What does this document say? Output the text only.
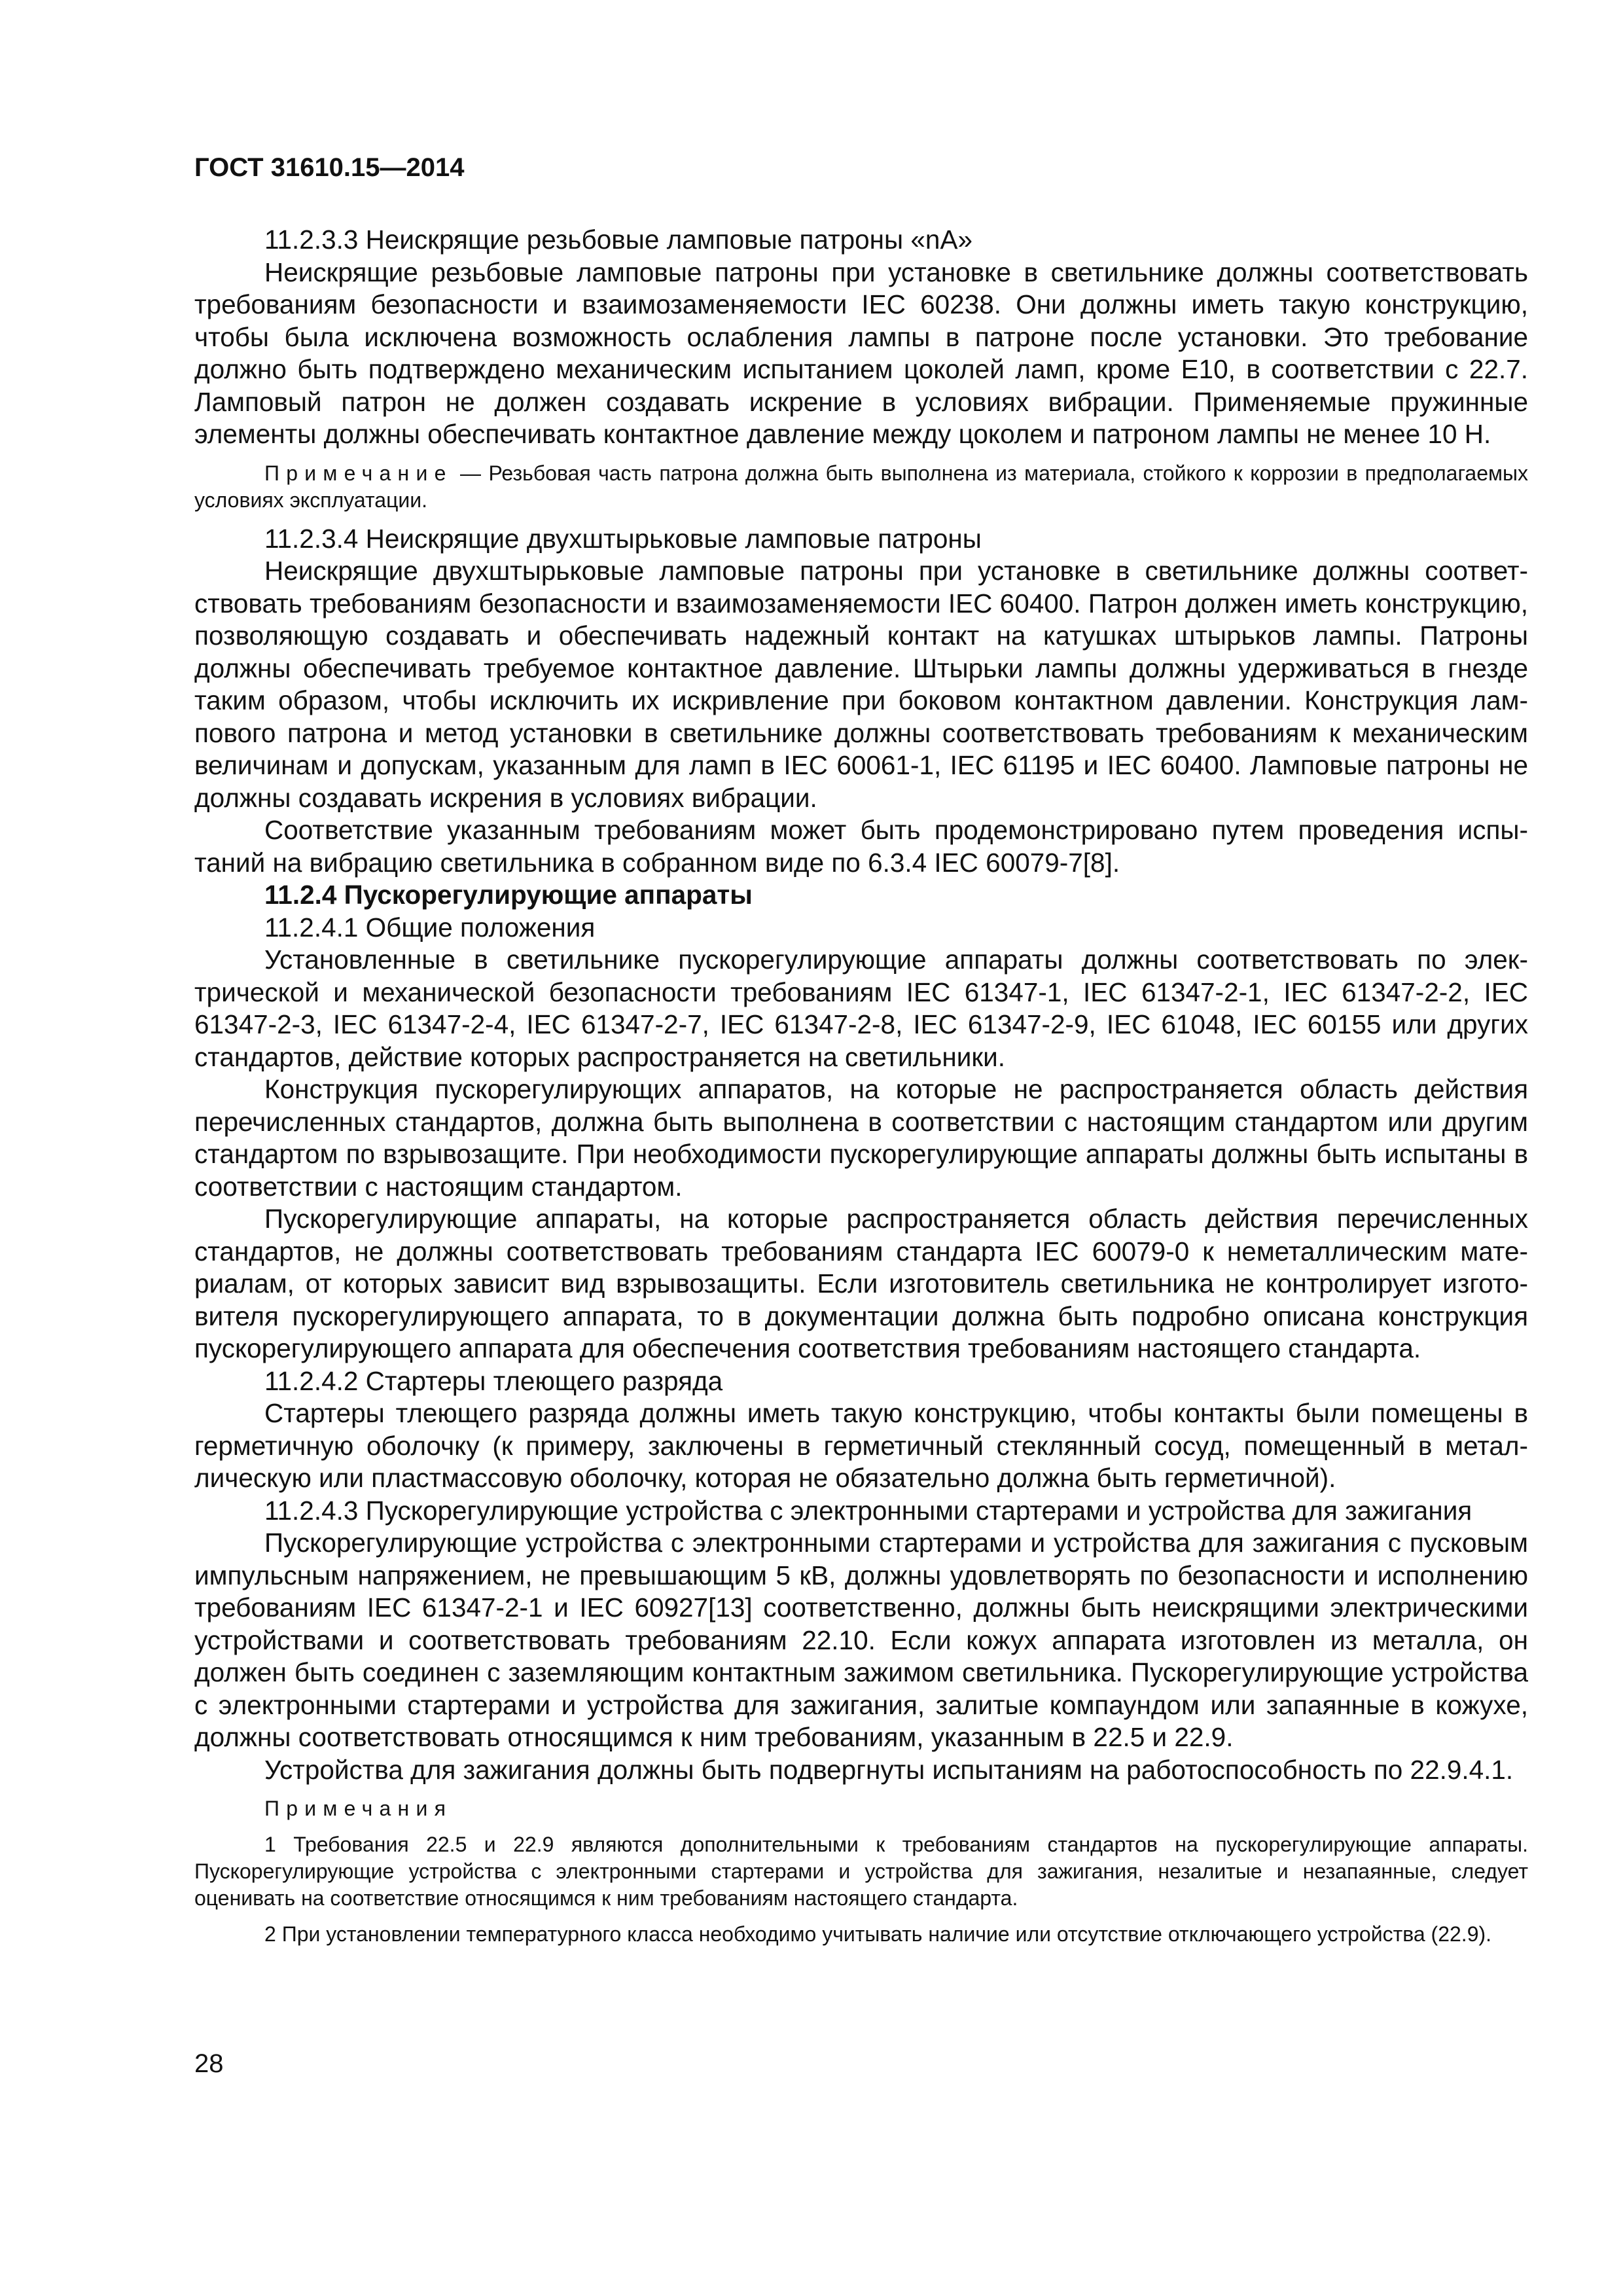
ГОСТ 31610.15—2014
11.2.3.3 Неискрящие резьбовые ламповые патроны «nA»
Неискрящие резьбовые ламповые патроны при установке в светильнике должны соответствовать требованиям безопасности и взаимозаменяемости IEC 60238. Они должны иметь такую конструкцию, чтобы была исключена возможность ослабления лампы в патроне после установки. Это требование должно быть подтверждено механическим испытанием цоколей ламп, кроме Е10, в соответствии с 22.7. Ламповый патрон не должен создавать искрение в условиях вибрации. Применяемые пружинные элементы должны обеспечивать контактное давление между цоколем и патроном лампы не менее 10 Н.
Примечание — Резьбовая часть патрона должна быть выполнена из материала, стойкого к коррозии в предполагаемых условиях эксплуатации.
11.2.3.4 Неискрящие двухштырьковые ламповые патроны
Неискрящие двухштырьковые ламповые патроны при установке в светильнике должны соответствовать требованиям безопасности и взаимозаменяемости IEC 60400. Патрон должен иметь конструкцию, позволяющую создавать и обеспечивать надежный контакт на катушках штырьков лампы. Патроны должны обеспечивать требуемое контактное давление. Штырьки лампы должны удерживаться в гнезде таким образом, чтобы исключить их искривление при боковом контактном давлении. Конструкция лампового патрона и метод установки в светильнике должны соответствовать требованиям к механическим величинам и допускам, указанным для ламп в IEC 60061-1, IEC 61195 и IEC 60400. Ламповые патроны не должны создавать искрения в условиях вибрации.
Соответствие указанным требованиям может быть продемонстрировано путем проведения испытаний на вибрацию светильника в собранном виде по 6.3.4 IEC 60079-7[8].
11.2.4 Пускорегулирующие аппараты
11.2.4.1 Общие положения
Установленные в светильнике пускорегулирующие аппараты должны соответствовать по электрической и механической безопасности требованиям IEC 61347-1, IEC 61347-2-1, IEC 61347-2-2, IEC 61347-2-3, IEC 61347-2-4, IEC 61347-2-7, IEC 61347-2-8, IEC 61347-2-9, IEC 61048, IEC 60155 или других стандартов, действие которых распространяется на светильники.
Конструкция пускорегулирующих аппаратов, на которые не распространяется область действия перечисленных стандартов, должна быть выполнена в соответствии с настоящим стандартом или другим стандартом по взрывозащите. При необходимости пускорегулирующие аппараты должны быть испытаны в соответствии с настоящим стандартом.
Пускорегулирующие аппараты, на которые распространяется область действия перечисленных стандартов, не должны соответствовать требованиям стандарта IEC 60079-0 к неметаллическим материалам, от которых зависит вид взрывозащиты. Если изготовитель светильника не контролирует изготовителя пускорегулирующего аппарата, то в документации должна быть подробно описана конструкция пускорегулирующего аппарата для обеспечения соответствия требованиям настоящего стандарта.
11.2.4.2 Стартеры тлеющего разряда
Стартеры тлеющего разряда должны иметь такую конструкцию, чтобы контакты были помещены в герметичную оболочку (к примеру, заключены в герметичный стеклянный сосуд, помещенный в металлическую или пластмассовую оболочку, которая не обязательно должна быть герметичной).
11.2.4.3 Пускорегулирующие устройства с электронными стартерами и устройства для зажигания
Пускорегулирующие устройства с электронными стартерами и устройства для зажигания с пусковым импульсным напряжением, не превышающим 5 кВ, должны удовлетворять по безопасности и исполнению требованиям IEC 61347-2-1 и IEC 60927[13] соответственно, должны быть неискрящими электрическими устройствами и соответствовать требованиям 22.10. Если кожух аппарата изготовлен из металла, он должен быть соединен с заземляющим контактным зажимом светильника. Пускорегулирующие устройства с электронными стартерами и устройства для зажигания, залитые компаундом или запаянные в кожухе, должны соответствовать относящимся к ним требованиям, указанным в 22.5 и 22.9.
Устройства для зажигания должны быть подвергнуты испытаниям на работоспособность по 22.9.4.1.
Примечания
1 Требования 22.5 и 22.9 являются дополнительными к требованиям стандартов на пускорегулирующие аппараты. Пускорегулирующие устройства с электронными стартерами и устройства для зажигания, незалитые и незапаянные, следует оценивать на соответствие относящимся к ним требованиям настоящего стандарта.
2 При установлении температурного класса необходимо учитывать наличие или отсутствие отключающего устройства (22.9).
28
